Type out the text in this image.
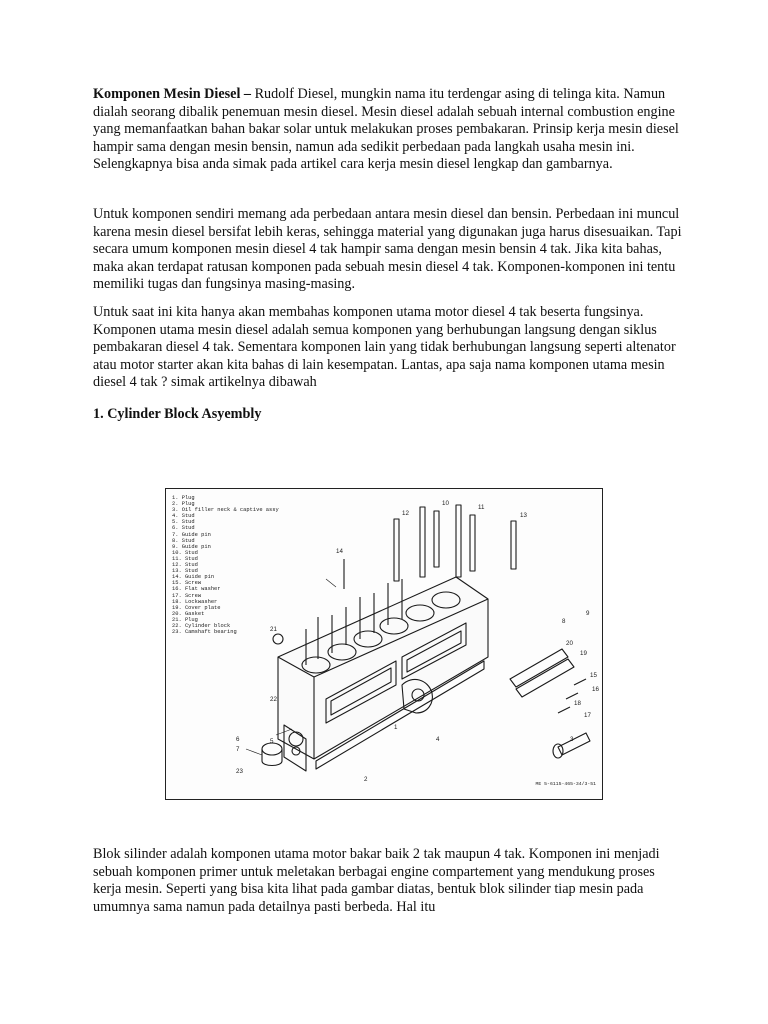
Komponen Mesin Diesel – Rudolf Diesel, mungkin nama itu terdengar asing di telinga kita. Namun dialah seorang dibalik penemuan mesin diesel. Mesin diesel adalah sebuah internal combustion engine yang memanfaatkan bahan bakar solar untuk melakukan proses pembakaran. Prinsip kerja mesin diesel hampir sama dengan mesin bensin, namun ada sedikit perbedaan pada langkah usaha mesin ini. Selengkapnya bisa anda simak pada artikel cara kerja mesin diesel lengkap dan gambarnya.

Untuk komponen sendiri memang ada perbedaan antara mesin diesel dan bensin. Perbedaan ini muncul karena mesin diesel bersifat lebih keras, sehingga material yang digunakan juga harus disesuaikan. Tapi secara umum komponen mesin diesel 4 tak hampir sama dengan mesin bensin 4 tak. Jika kita bahas, maka akan terdapat ratusan komponen pada sebuah mesin diesel 4 tak. Komponen-komponen ini tentu memiliki tugas dan fungsinya masing-masing.

Untuk saat ini kita hanya akan membahas komponen utama motor diesel 4 tak beserta fungsinya. Komponen utama mesin diesel adalah semua komponen yang berhubungan langsung dengan siklus pembakaran diesel 4 tak. Sementara komponen lain yang tidak berhubungan langsung seperti altenator atau motor starter akan kita bahas di lain kesempatan. Lantas, apa saja nama komponen utama mesin diesel 4 tak ? simak artikelnya dibawah

1. Cylinder Block Asyembly

1. Plug
2. Plug
3. Oil filler neck & captive assy
4. Stud
5. Stud
6. Stud
7. Guide pin
8. Stud
9. Guide pin
10. Stud
11. Stud
12. Stud
13. Stud
14. Guide pin
15. Screw
16. Flat washer
17. Screw
18. Lockwasher
19. Cover plate
20. Gasket
21. Plug
22. Cylinder block
23. Camshaft bearing
12
10
11
13
14
21
9
8
20
19
15
16
18
17
22
6
7
5	4
23
2
3
1
ME 5-6115-465-34/3-51

Blok silinder adalah komponen utama motor bakar baik 2 tak maupun 4 tak. Komponen ini menjadi sebuah komponen primer untuk meletakan berbagai engine compartement yang mendukung proses kerja mesin. Seperti yang bisa kita lihat pada gambar diatas, bentuk blok silinder tiap mesin pada umumnya sama namun pada detailnya pasti berbeda. Hal itu
